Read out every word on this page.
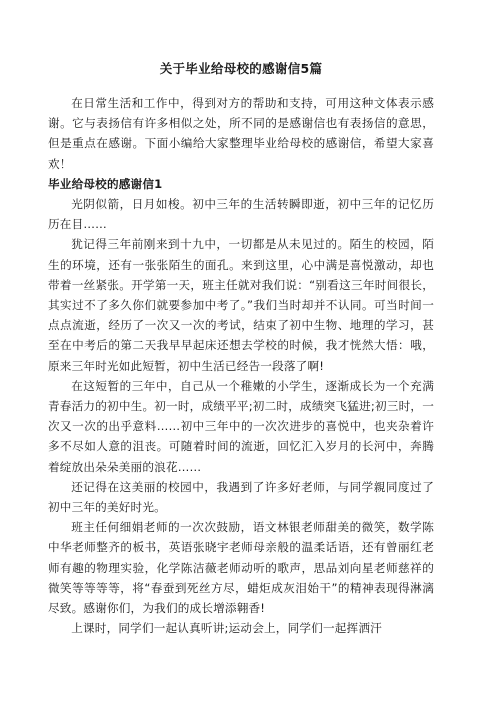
关于毕业给母校的感谢信5篇

在日常生活和工作中，得到对方的帮助和支持，可用这种文体表示感谢。它与表扬信有许多相似之处，所不同的是感谢信也有表扬信的意思，但是重点在感谢。下面小编给大家整理毕业给母校的感谢信，希望大家喜欢！

毕业给母校的感谢信1

光阴似箭，日月如梭。初中三年的生活转瞬即逝，初中三年的记忆历历在目……

犹记得三年前刚来到十九中，一切都是从未见过的。陌生的校园，陌生的环境，还有一张张陌生的面孔。来到这里，心中满是喜悦激动，却也带着一丝紧张。开学第一天，班主任就对我们说：“别看这三年时间很长，其实过不了多久你们就要参加中考了。”我们当时却并不认同。可当时间一点点流逝，经历了一次又一次的考试，结束了初中生物、地理的学习，甚至在中考后的第二天我早早起床还想去学校的时候，我才恍然大悟：哦，原来三年时光如此短暂，初中生活已经告一段落了啊!

在这短暂的三年中，自己从一个稚嫩的小学生，逐渐成长为一个充满青春活力的初中生。初一时，成绩平平;初二时，成绩突飞猛进;初三时，一次又一次的出乎意料……初中三年中的一次次进步的喜悦中，也夹杂着许多不尽如人意的沮丧。可随着时间的流逝，回忆汇入岁月的长河中，奔腾着绽放出朵朵美丽的浪花……

还记得在这美丽的校园中，我遇到了许多好老师，与同学親同度过了初中三年的美好时光。

班主任何细娟老师的一次次鼓励，语文林银老师甜美的微笑，数学陈中华老师整齐的板书，英语张晓宇老师母亲般的温柔话语，还有曾丽红老师有趣的物理实验，化学陈洁薇老师动听的歌声，思品刘向星老师慈祥的微笑等等等等，将“春蚕到死丝方尽，蜡炬成灰泪始干”的精神表现得淋漓尽致。感谢你们，为我们的成长增添翱香!

上课时，同学们一起认真听讲;运动会上，同学们一起挥洒汗
